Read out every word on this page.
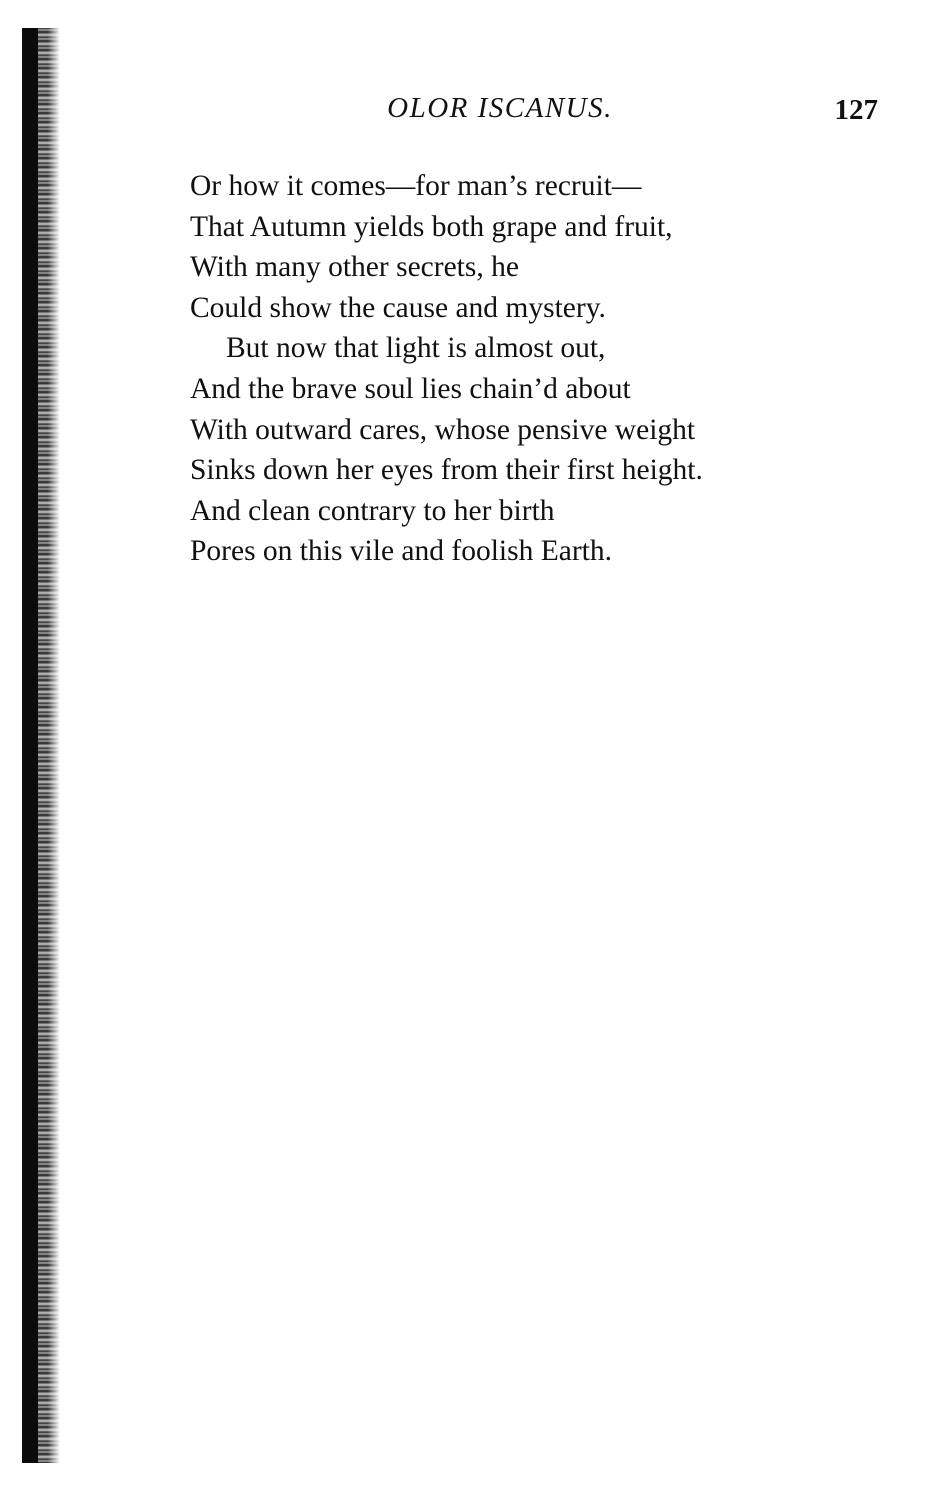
OLOR ISCANUS.	127
Or how it comes—for man’s recruit—
That Autumn yields both grape and fruit,
With many other secrets, he
Could show the cause and mystery.
But now that light is almost out,
And the brave soul lies chain’d about
With outward cares, whose pensive weight
Sinks down her eyes from their first height.
And clean contrary to her birth
Pores on this vile and foolish Earth.
